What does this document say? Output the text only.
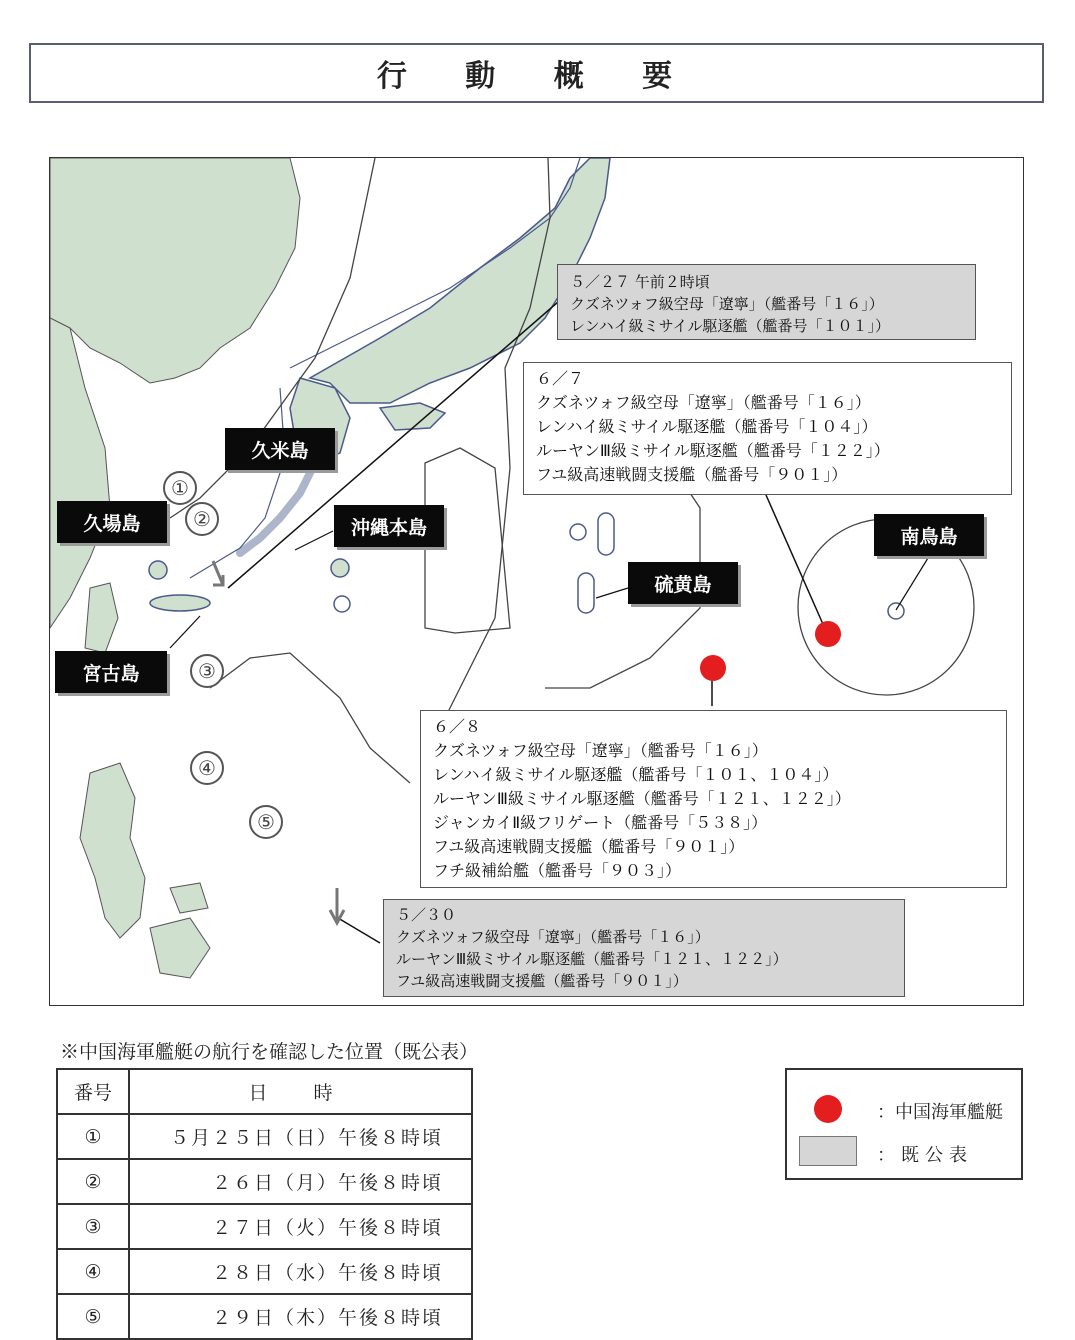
行 動 概 要
久米島
久場島	沖縄本島
宮古島
硫黄島
南鳥島
①
②
③
④
⑤
５／２７ 午前２時頃
クズネツォフ級空母「遼寧」（艦番号「１６」）
レンハイ級ミサイル駆逐艦（艦番号「１０１」）
６／７
クズネツォフ級空母「遼寧」（艦番号「１６」）
レンハイ級ミサイル駆逐艦（艦番号「１０４」）
ルーヤンⅢ級ミサイル駆逐艦（艦番号「１２２」）
フユ級高速戦闘支援艦（艦番号「９０１」）
６／８
クズネツォフ級空母「遼寧」（艦番号「１６」）
レンハイ級ミサイル駆逐艦（艦番号「１０１、１０４」）
ルーヤンⅢ級ミサイル駆逐艦（艦番号「１２１、１２２」）
ジャンカイⅡ級フリゲート（艦番号「５３８」）
フユ級高速戦闘支援艦（艦番号「９０１」）
フチ級補給艦（艦番号「９０３」）
５／３０
クズネツォフ級空母「遼寧」（艦番号「１６」）
ルーヤンⅢ級ミサイル駆逐艦（艦番号「１２１、１２２」）
フユ級高速戦闘支援艦（艦番号「９０１」）
※中国海軍艦艇の航行を確認した位置（既公表）
番号	日 時
①	５月２５日（日）午後８時頃
②	２６日（月）午後８時頃
③	２７日（火）午後８時頃
④	２８日（水）午後８時頃
⑤	２９日（木）午後８時頃
：中国海軍艦艇
：既公表
